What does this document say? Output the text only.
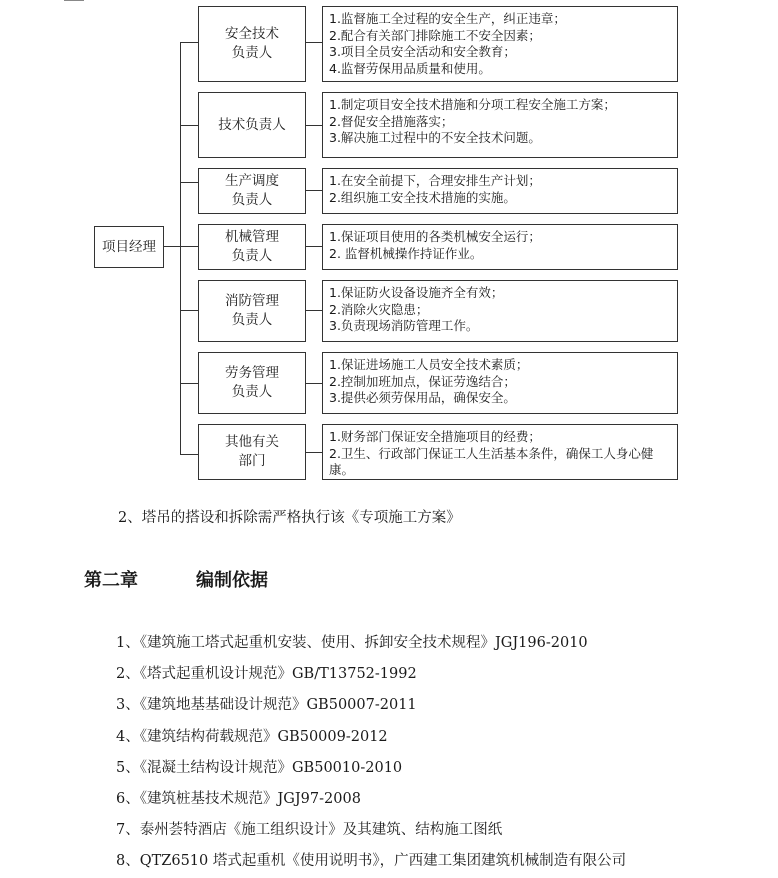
项目经理
安全技术
负责人
1.监督施工全过程的安全生产，纠正违章；
2.配合有关部门排除施工不安全因素；
3.项目全员安全活动和安全教育；
4.监督劳保用品质量和使用。
技术负责人
1.制定项目安全技术措施和分项工程安全施工方案；
2.督促安全措施落实；
3.解决施工过程中的不安全技术问题。
生产调度
负责人
1.在安全前提下，合理安排生产计划；
2.组织施工安全技术措施的实施。
机械管理
负责人
1.保证项目使用的各类机械安全运行；
2. 监督机械操作持证作业。
消防管理
负责人
1.保证防火设备设施齐全有效；
2.消除火灾隐患；
3.负责现场消防管理工作。
劳务管理
负责人
1.保证进场施工人员安全技术素质；
2.控制加班加点，保证劳逸结合；
3.提供必须劳保用品，确保安全。
其他有关
部门
1.财务部门保证安全措施项目的经费；
2.卫生、行政部门保证工人生活基本条件，确保工人身心健康。
2、塔吊的搭设和拆除需严格执行该《专项施工方案》
第二章	编制依据
1、《建筑施工塔式起重机安装、使用、拆卸安全技术规程》JGJ196-2010
2、《塔式起重机设计规范》GB/T13752-1992
3、《建筑地基基础设计规范》GB50007-2011
4、《建筑结构荷载规范》GB50009-2012
5、《混凝土结构设计规范》GB50010-2010
6、《建筑桩基技术规范》JGJ97-2008
7、泰州荟特酒店《施工组织设计》及其建筑、结构施工图纸
8、QTZ6510 塔式起重机《使用说明书》，广西建工集团建筑机械制造有限公司
